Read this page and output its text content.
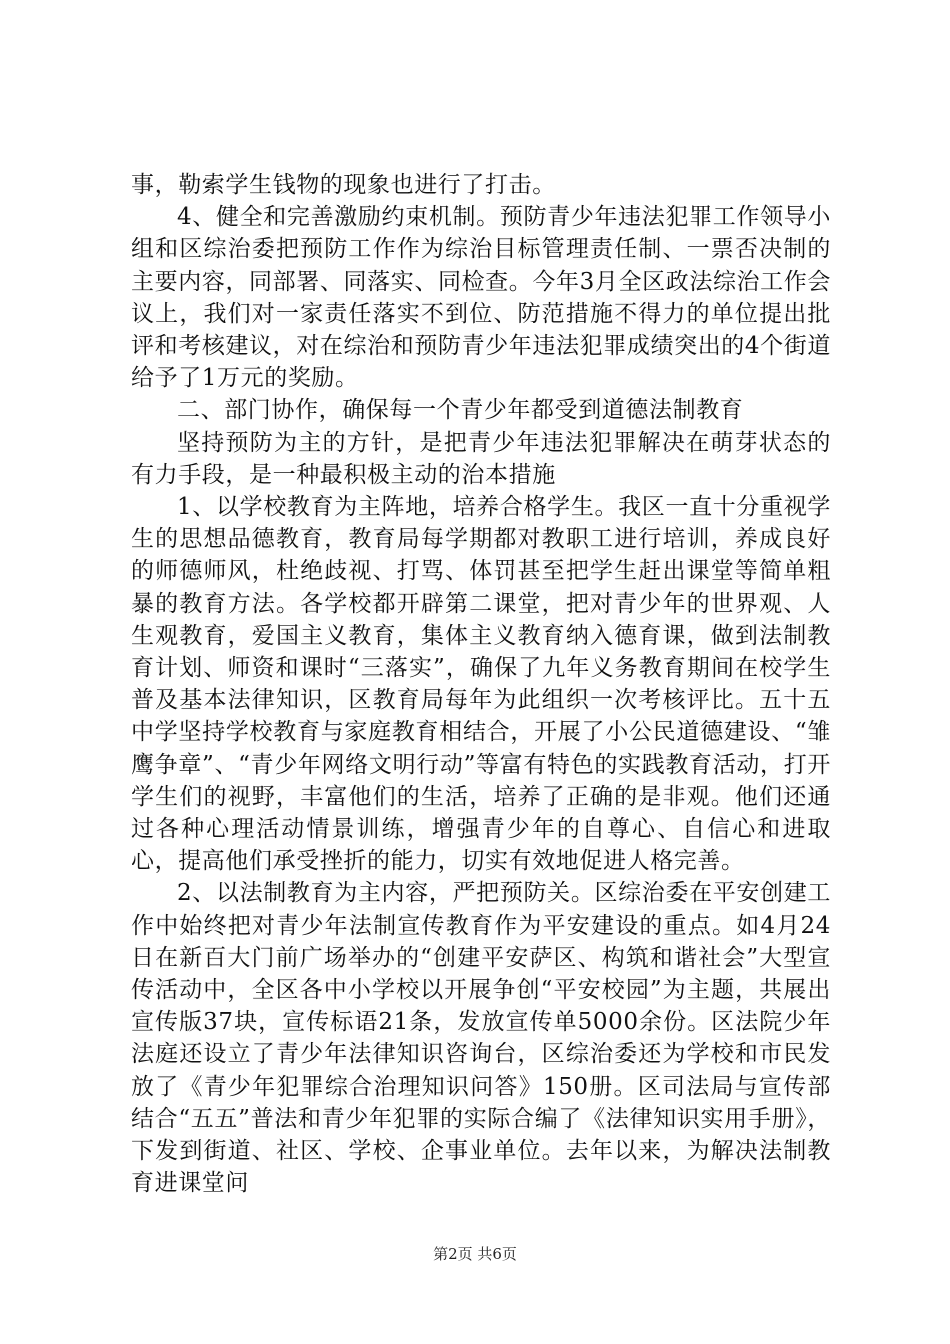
事，勒索学生钱物的现象也进行了打击。

4、健全和完善激励约束机制。预防青少年违法犯罪工作领导小组和区综治委把预防工作作为综治目标管理责任制、一票否决制的主要内容，同部署、同落实、同检查。今年3月全区政法综治工作会议上，我们对一家责任落实不到位、防范措施不得力的单位提出批评和考核建议，对在综治和预防青少年违法犯罪成绩突出的4个街道给予了1万元的奖励。

二、部门协作，确保每一个青少年都受到道德法制教育

坚持预防为主的方针，是把青少年违法犯罪解决在萌芽状态的有力手段，是一种最积极主动的治本措施

1、以学校教育为主阵地，培养合格学生。我区一直十分重视学生的思想品德教育，教育局每学期都对教职工进行培训，养成良好的师德师风，杜绝歧视、打骂、体罚甚至把学生赶出课堂等简单粗暴的教育方法。各学校都开辟第二课堂，把对青少年的世界观、人生观教育，爱国主义教育，集体主义教育纳入德育课，做到法制教育计划、师资和课时“三落实”，确保了九年义务教育期间在校学生普及基本法律知识，区教育局每年为此组织一次考核评比。五十五中学坚持学校教育与家庭教育相结合，开展了小公民道德建设、“雏鹰争章”、“青少年网络文明行动”等富有特色的实践教育活动，打开学生们的视野，丰富他们的生活，培养了正确的是非观。他们还通过各种心理活动情景训练，增强青少年的自尊心、自信心和进取心，提高他们承受挫折的能力，切实有效地促进人格完善。

2、以法制教育为主内容，严把预防关。区综治委在平安创建工作中始终把对青少年法制宣传教育作为平安建设的重点。如4月24日在新百大门前广场举办的“创建平安萨区、构筑和谐社会”大型宣传活动中，全区各中小学校以开展争创“平安校园”为主题，共展出宣传版37块，宣传标语21条，发放宣传单5000余份。区法院少年法庭还设立了青少年法律知识咨询台，区综治委还为学校和市民发放了《青少年犯罪综合治理知识问答》150册。区司法局与宣传部结合“五五”普法和青少年犯罪的实际合编了《法律知识实用手册》，下发到街道、社区、学校、企事业单位。去年以来，为解决法制教育进课堂问

第2页 共6页
